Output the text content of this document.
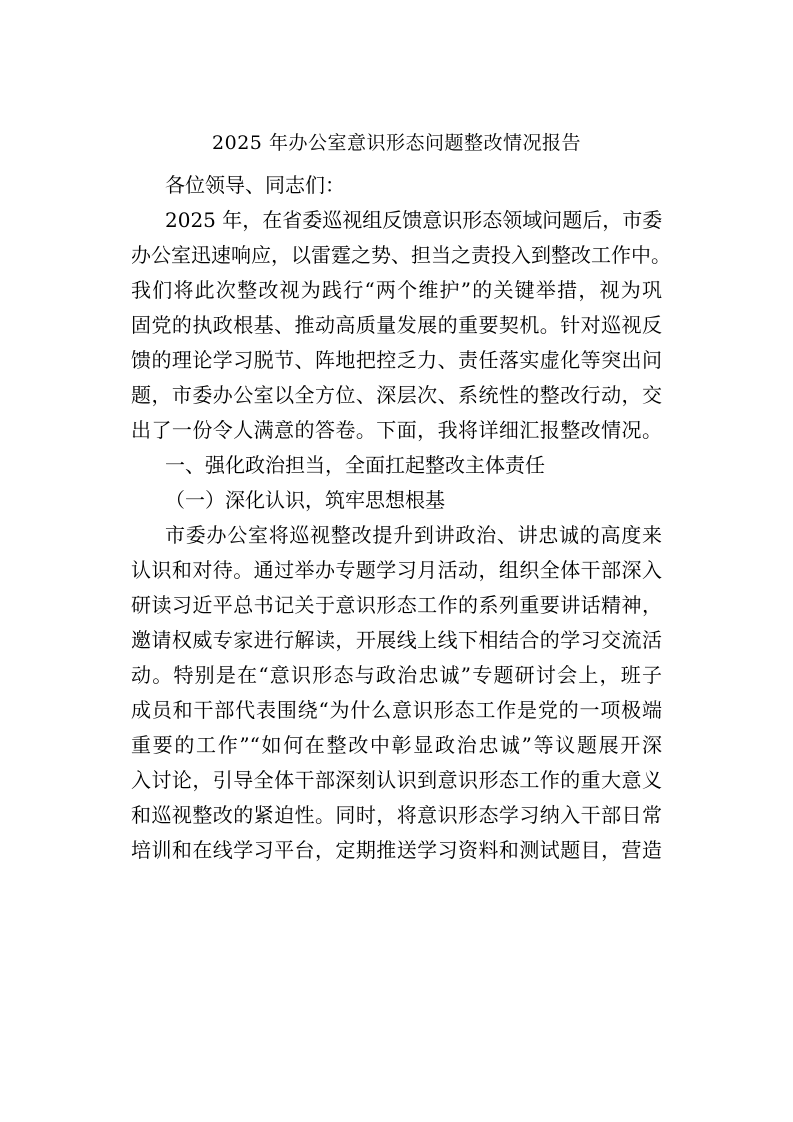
2025 年办公室意识形态问题整改情况报告
各位领导、同志们：
2025 年，在省委巡视组反馈意识形态领域问题后，市委
办公室迅速响应，以雷霆之势、担当之责投入到整改工作中。
我们将此次整改视为践行“两个维护”的关键举措，视为巩
固党的执政根基、推动高质量发展的重要契机。针对巡视反
馈的理论学习脱节、阵地把控乏力、责任落实虚化等突出问
题，市委办公室以全方位、深层次、系统性的整改行动，交
出了一份令人满意的答卷。下面，我将详细汇报整改情况。
一、强化政治担当，全面扛起整改主体责任
（一）深化认识，筑牢思想根基
市委办公室将巡视整改提升到讲政治、讲忠诚的高度来
认识和对待。通过举办专题学习月活动，组织全体干部深入
研读习近平总书记关于意识形态工作的系列重要讲话精神，
邀请权威专家进行解读，开展线上线下相结合的学习交流活
动。特别是在“意识形态与政治忠诚”专题研讨会上，班子
成员和干部代表围绕“为什么意识形态工作是党的一项极端
重要的工作”“如何在整改中彰显政治忠诚”等议题展开深
入讨论，引导全体干部深刻认识到意识形态工作的重大意义
和巡视整改的紧迫性。同时，将意识形态学习纳入干部日常
培训和在线学习平台，定期推送学习资料和测试题目，营造
